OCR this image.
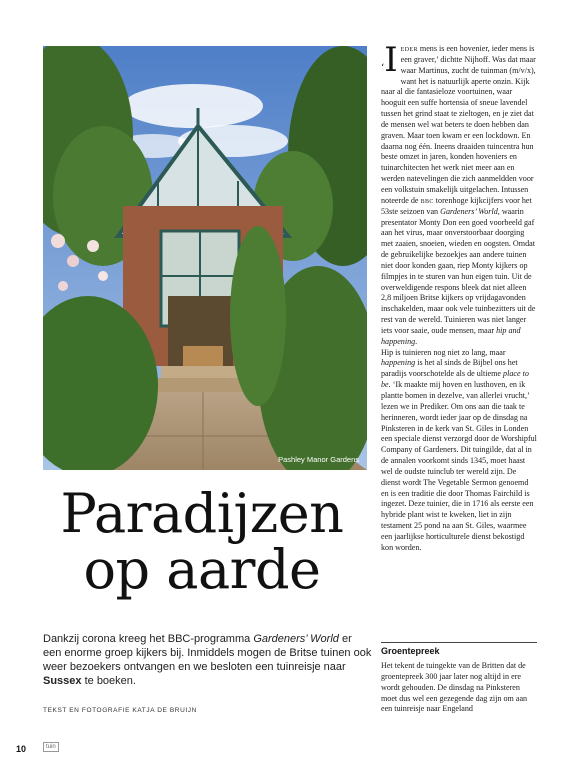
Pashley Manor Gardens
Paradijzen
op aarde

Dankzij corona kreeg het BBC-programma Gardeners’ World er een enorme groep kijkers bij. Inmiddels mogen de Britse tuinen ook weer bezoekers ontvangen en we besloten een tuinreisje naar Sussex te boeken.

TEKST EN FOTOGRAFIE KATJA DE BRUIJN

‘I eder mens is een hovenier, ieder mens is een graver,’ dichtte Nijhoff. Was dat maar waar Martinus, zucht de tuinman (m/v/x), want het is natuurlijk aperte onzin. Kijk naar al die fantasieloze voortuinen, waar hooguit een suffe hortensia of sneue lavendel tussen het grind staat te zieltogen, en je ziet dat de mensen wel wat beters te doen hebben dan graven. Maar toen kwam er een lockdown. En daarna nog één. Ineens draaiden tuincentra hun beste omzet in jaren, konden hoveniers en tuinarchitecten het werk niet meer aan en werden natevelingen die zich aanmeldden voor een volkstuin smakelijk uitgelachen. Intussen noteerde de bbc torenhoge kijkcijfers voor het 53ste seizoen van Gardeners’ World, waarin presentator Monty Don een goed voorbeeld gaf aan het virus, maar onverstoorbaar doorging met zaaien, snoeien, wieden en oogsten. Omdat de gebruikelijke bezoekjes aan andere tuinen niet door konden gaan, riep Monty kijkers op filmpjes in te sturen van hun eigen tuin. Uit de overweldigende respons bleek dat niet alleen 2,8 miljoen Britse kijkers op vrijdagavonden inschakelden, maar ook vele tuinbezitters uit de rest van de wereld. Tuinieren was niet langer iets voor saaie, oude mensen, maar hip and happening.

Hip is tuinieren nog niet zo lang, maar happening is het al sinds de Bijbel ons het paradijs voorschotelde als de ultieme place to be. ‘Ik maakte mij hoven en lusthoven, en ik plantte bomen in dezelve, van allerlei vrucht,’ lezen we in Prediker. Om ons aan die taak te herinneren, wordt ieder jaar op de dinsdag na Pinksteren in de kerk van St. Giles in Londen een speciale dienst verzorgd door de Worshipful Company of Gardeners. Dit tuingilde, dat al in de annalen voorkomt sinds 1345, moet haast wel de oudste tuinclub ter wereld zijn. De dienst wordt The Vegetable Sermon genoemd en is een traditie die door Thomas Fairchild is ingezet. Deze tuinier, die in 1716 als eerste een hybride plant wist te kweken, liet in zijn testament 25 pond na aan St. Giles, waarmee een jaarlijkse horticulturele dienst bekostigd kon worden.

Groentepreek
Het tekent de tuingekte van de Britten dat de groentepreek 300 jaar later nog altijd in ere wordt gehouden. De dinsdag na Pinksteren moet dus wel een gezegende dag zijn om aan een tuinreisje naar Engeland
10	tuin
